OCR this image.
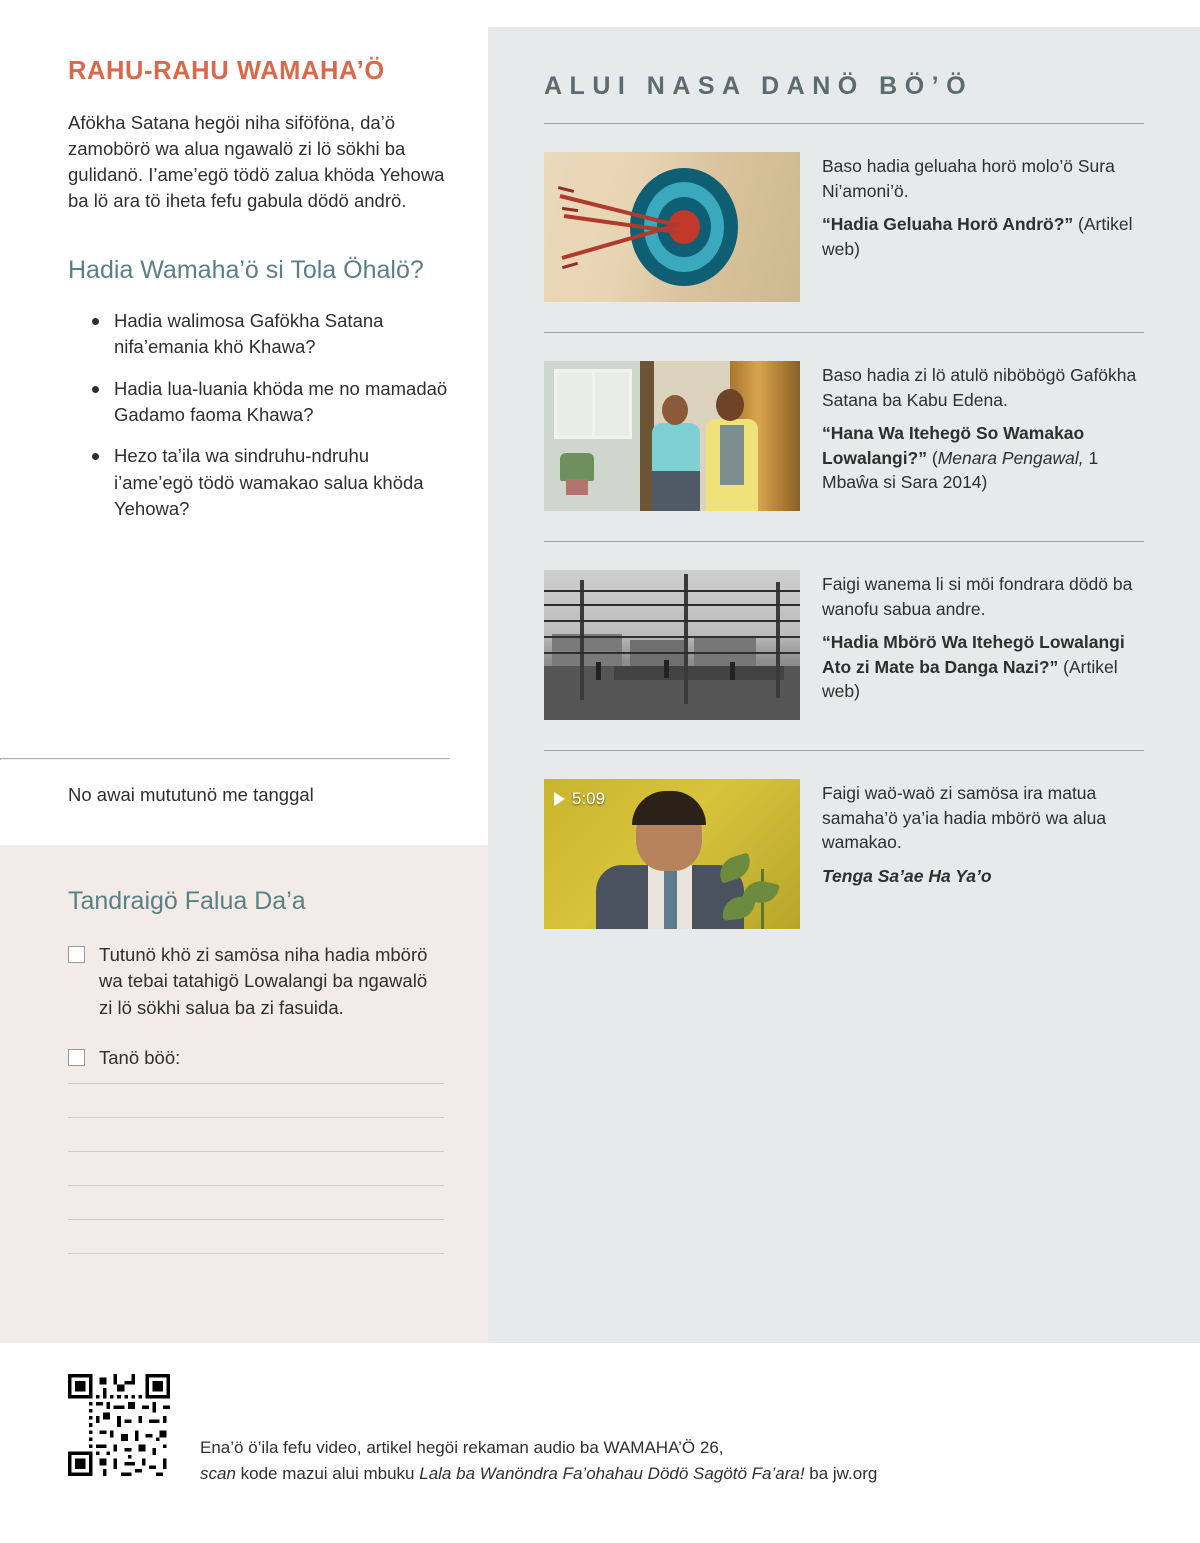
RAHU-RAHU WAMAHA’Ö

Afökha Satana hegöi niha siföföna, da’ö zamobörö wa alua ngawalö zi lö sökhi ba gulidanö. I’ame’egö tödö zalua khöda Yehowa ba lö ara tö iheta fefu gabula dödö andrö.

Hadia Wamaha’ö si Tola Öhalö?
Hadia walimosa Gafökha Satana nifa’emania khö Khawa?
Hadia lua-luania khöda me no mamadaö Gadamo faoma Khawa?
Hezo ta’ila wa sindruhu-ndruhu i’ame’egö tödö wamakao salua khöda Yehowa?

No awai mututunö me tanggal

Tandraigö Falua Da’a
Tutunö khö zi samösa niha hadia mbörö wa tebai tatahigö Lowalangi ba ngawalö zi lö sökhi salua ba zi fasuida.
Tanö böö:
ALUI NASA DANÖ BÖ’Ö

Baso hadia geluaha horö molo’ö Sura Ni’amoni’ö.

“Hadia Geluaha Horö Andrö?” (Artikel web)

Baso hadia zi lö atulö niböbögö Gafökha Satana ba Kabu Edena.

“Hana Wa Itehegö So Wamakao Lowalangi?” (Menara Pengawal, 1 Mbaŵa si Sara 2014)

Faigi wanema li si möi fondrara dödö ba wanofu sabua andre.

“Hadia Mbörö Wa Itehegö Lowalangi Ato zi Mate ba Danga Nazi?” (Artikel web)

5:09	Faigi waö-waö zi samösa ira matua samaha’ö ya’ia hadia mbörö wa alua wamakao.

Tenga Sa’ae Ha Ya’o

Ena’ö ö’ila fefu video, artikel hegöi rekaman audio ba WAMAHA’Ö 26,
scan kode mazui alui mbuku Lala ba Wanöndra Fa’ohahau Dödö Sagötö Fa’ara! ba jw.org
